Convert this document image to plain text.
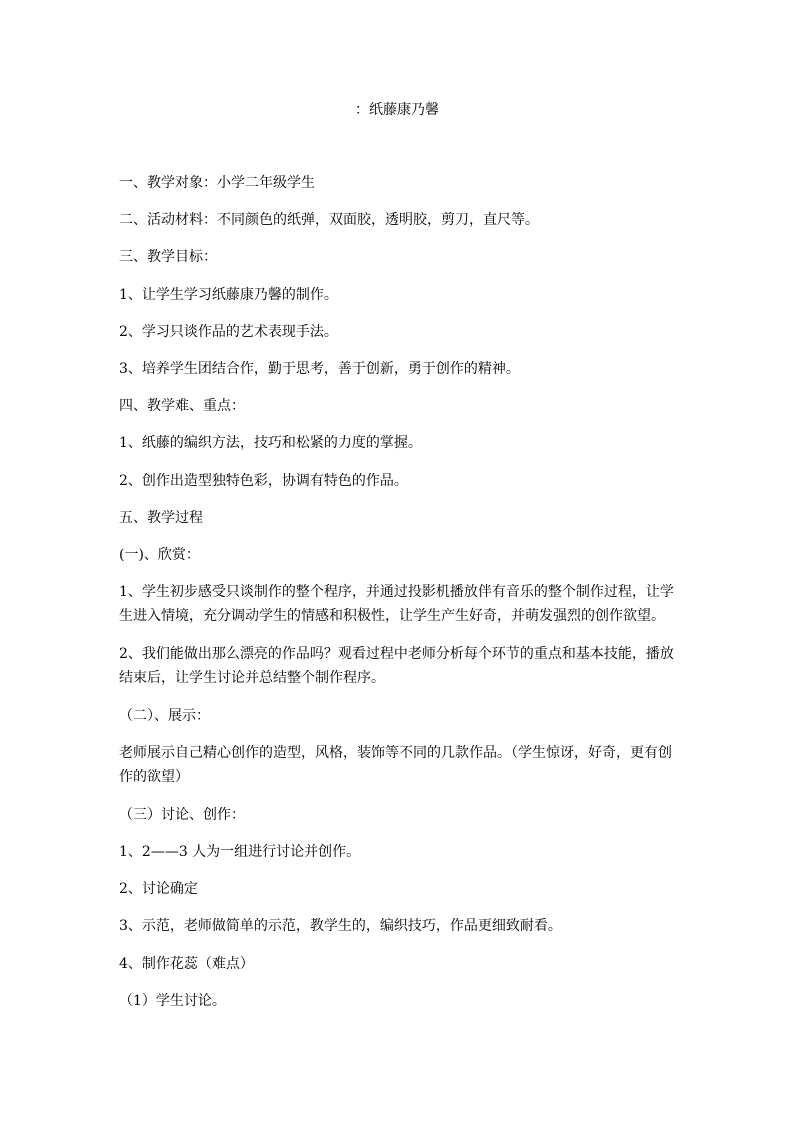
：纸藤康乃馨
一、教学对象：小学二年级学生
二、活动材料：不同颜色的纸弹，双面胶，透明胶，剪刀，直尺等。
三、教学目标：
1、让学生学习纸藤康乃馨的制作。
2、学习只谈作品的艺术表现手法。
3、培养学生团结合作，勤于思考，善于创新，勇于创作的精神。
四、教学难、重点：
1、纸藤的编织方法，技巧和松紧的力度的掌握。
2、创作出造型独特色彩，协调有特色的作品。
五、教学过程
(一)、欣赏：
1、学生初步感受只谈制作的整个程序，并通过投影机播放伴有音乐的整个制作过程，让学
生进入情境，充分调动学生的情感和积极性，让学生产生好奇，并萌发强烈的创作欲望。
2、我们能做出那么漂亮的作品吗？观看过程中老师分析每个环节的重点和基本技能，播放
结束后，让学生讨论并总结整个制作程序。
（二）、展示：
老师展示自己精心创作的造型，风格，装饰等不同的几款作品。（学生惊讶，好奇，更有创
作的欲望）
（三）讨论、创作：
1、2——3 人为一组进行讨论并创作。
2、讨论确定
3、示范，老师做简单的示范，教学生的，编织技巧，作品更细致耐看。
4、制作花蕊（难点）
（1）学生讨论。
